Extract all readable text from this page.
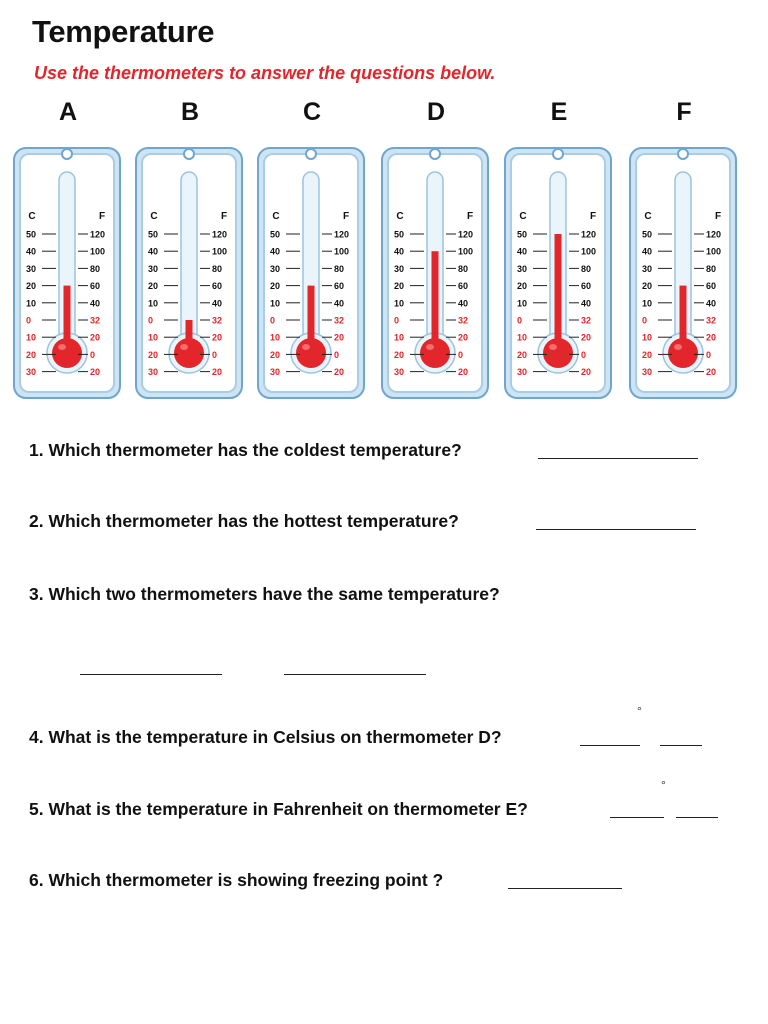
Temperature
Use the thermometers to answer the questions below.
A
C	F
50	120
40	100
30	80
20	60
10	40
0	32
10	20
20	0
30	20
B
C	F
50	120
40	100
30	80
20	60
10	40
0	32
10	20
20	0
30	20
C
C	F
50	120
40	100
30	80
20	60
10	40
0	32
10	20
20	0
30	20
D
C	F
50	120
40	100
30	80
20	60
10	40
0	32
10	20
20	0
30	20
E
C	F
50	120
40	100
30	80
20	60
10	40
0	32
10	20
20	0
30	20
F
C	F
50	120
40	100
30	80
20	60
10	40
0	32
10	20
20	0
30	20
1. Which thermometer has the coldest temperature?
2. Which thermometer has the hottest temperature?
3. Which two thermometers have the same temperature?
°
4. What is the temperature in Celsius on thermometer D?
°
5. What is the temperature in Fahrenheit on thermometer E?
6. Which thermometer is showing freezing point ?
